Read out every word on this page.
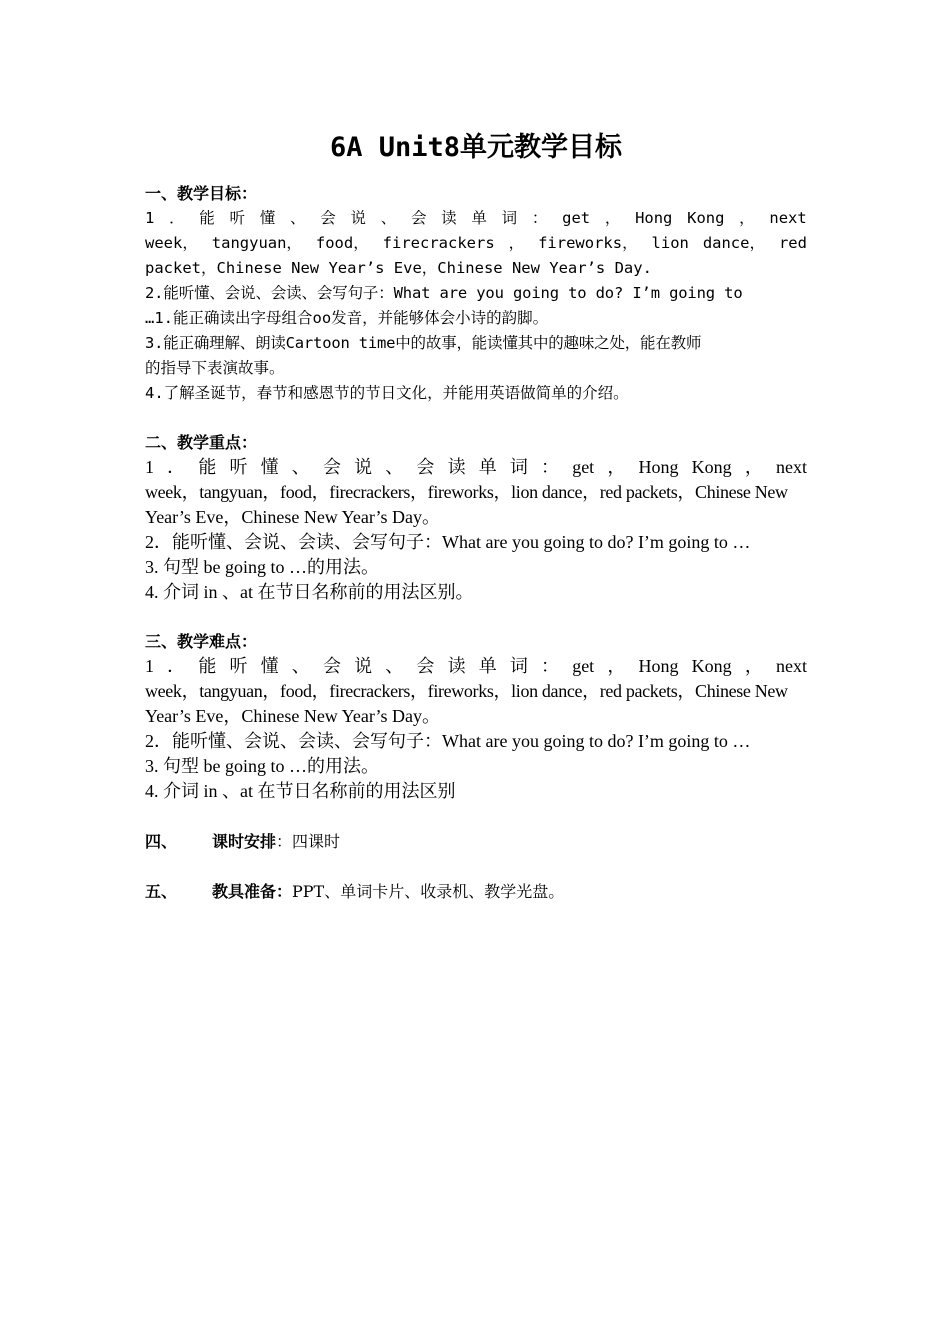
6A Unit8单元教学目标
一、教学目标：
1 ． 能 听 懂 、 会 说 、 会 读 单 词 ： get ， Hong Kong ， next
week， tangyuan， food， firecrackers ， fireworks， lion dance， red
packet，Chinese New Year’s Eve，Chinese New Year’s Day.
2.能听懂、会说、会读、会写句子：What are you going to do? I’m going to
…1.能正确读出字母组合oo发音，并能够体会小诗的韵脚。
3.能正确理解、朗读Cartoon time中的故事，能读懂其中的趣味之处，能在教师
的指导下表演故事。
4.了解圣诞节，春节和感恩节的节日文化，并能用英语做简单的介绍。
二、教学重点：
1 ． 能 听 懂 、 会 说 、 会 读 单 词 ： get ， Hong Kong ， next
week，tangyuan，food，firecrackers，fireworks，lion dance，red packets，Chinese New
Year’s Eve，Chinese New Year’s Day。
2．能听懂、会说、会读、会写句子：What are you going to do? I’m going to …
3. 句型 be going to …的用法。
4. 介词 in 、at 在节日名称前的用法区别。
三、教学难点：
1 ． 能 听 懂 、 会 说 、 会 读 单 词 ： get ， Hong Kong ， next
week，tangyuan，food，firecrackers，fireworks，lion dance，red packets，Chinese New
Year’s Eve，Chinese New Year’s Day。
2．能听懂、会说、会读、会写句子：What are you going to do? I’m going to …
3. 句型 be going to …的用法。
4. 介词 in 、at 在节日名称前的用法区别
四、	课时安排 ：四课时
五、	教具准备： PPT、单词卡片、收录机、教学光盘。
